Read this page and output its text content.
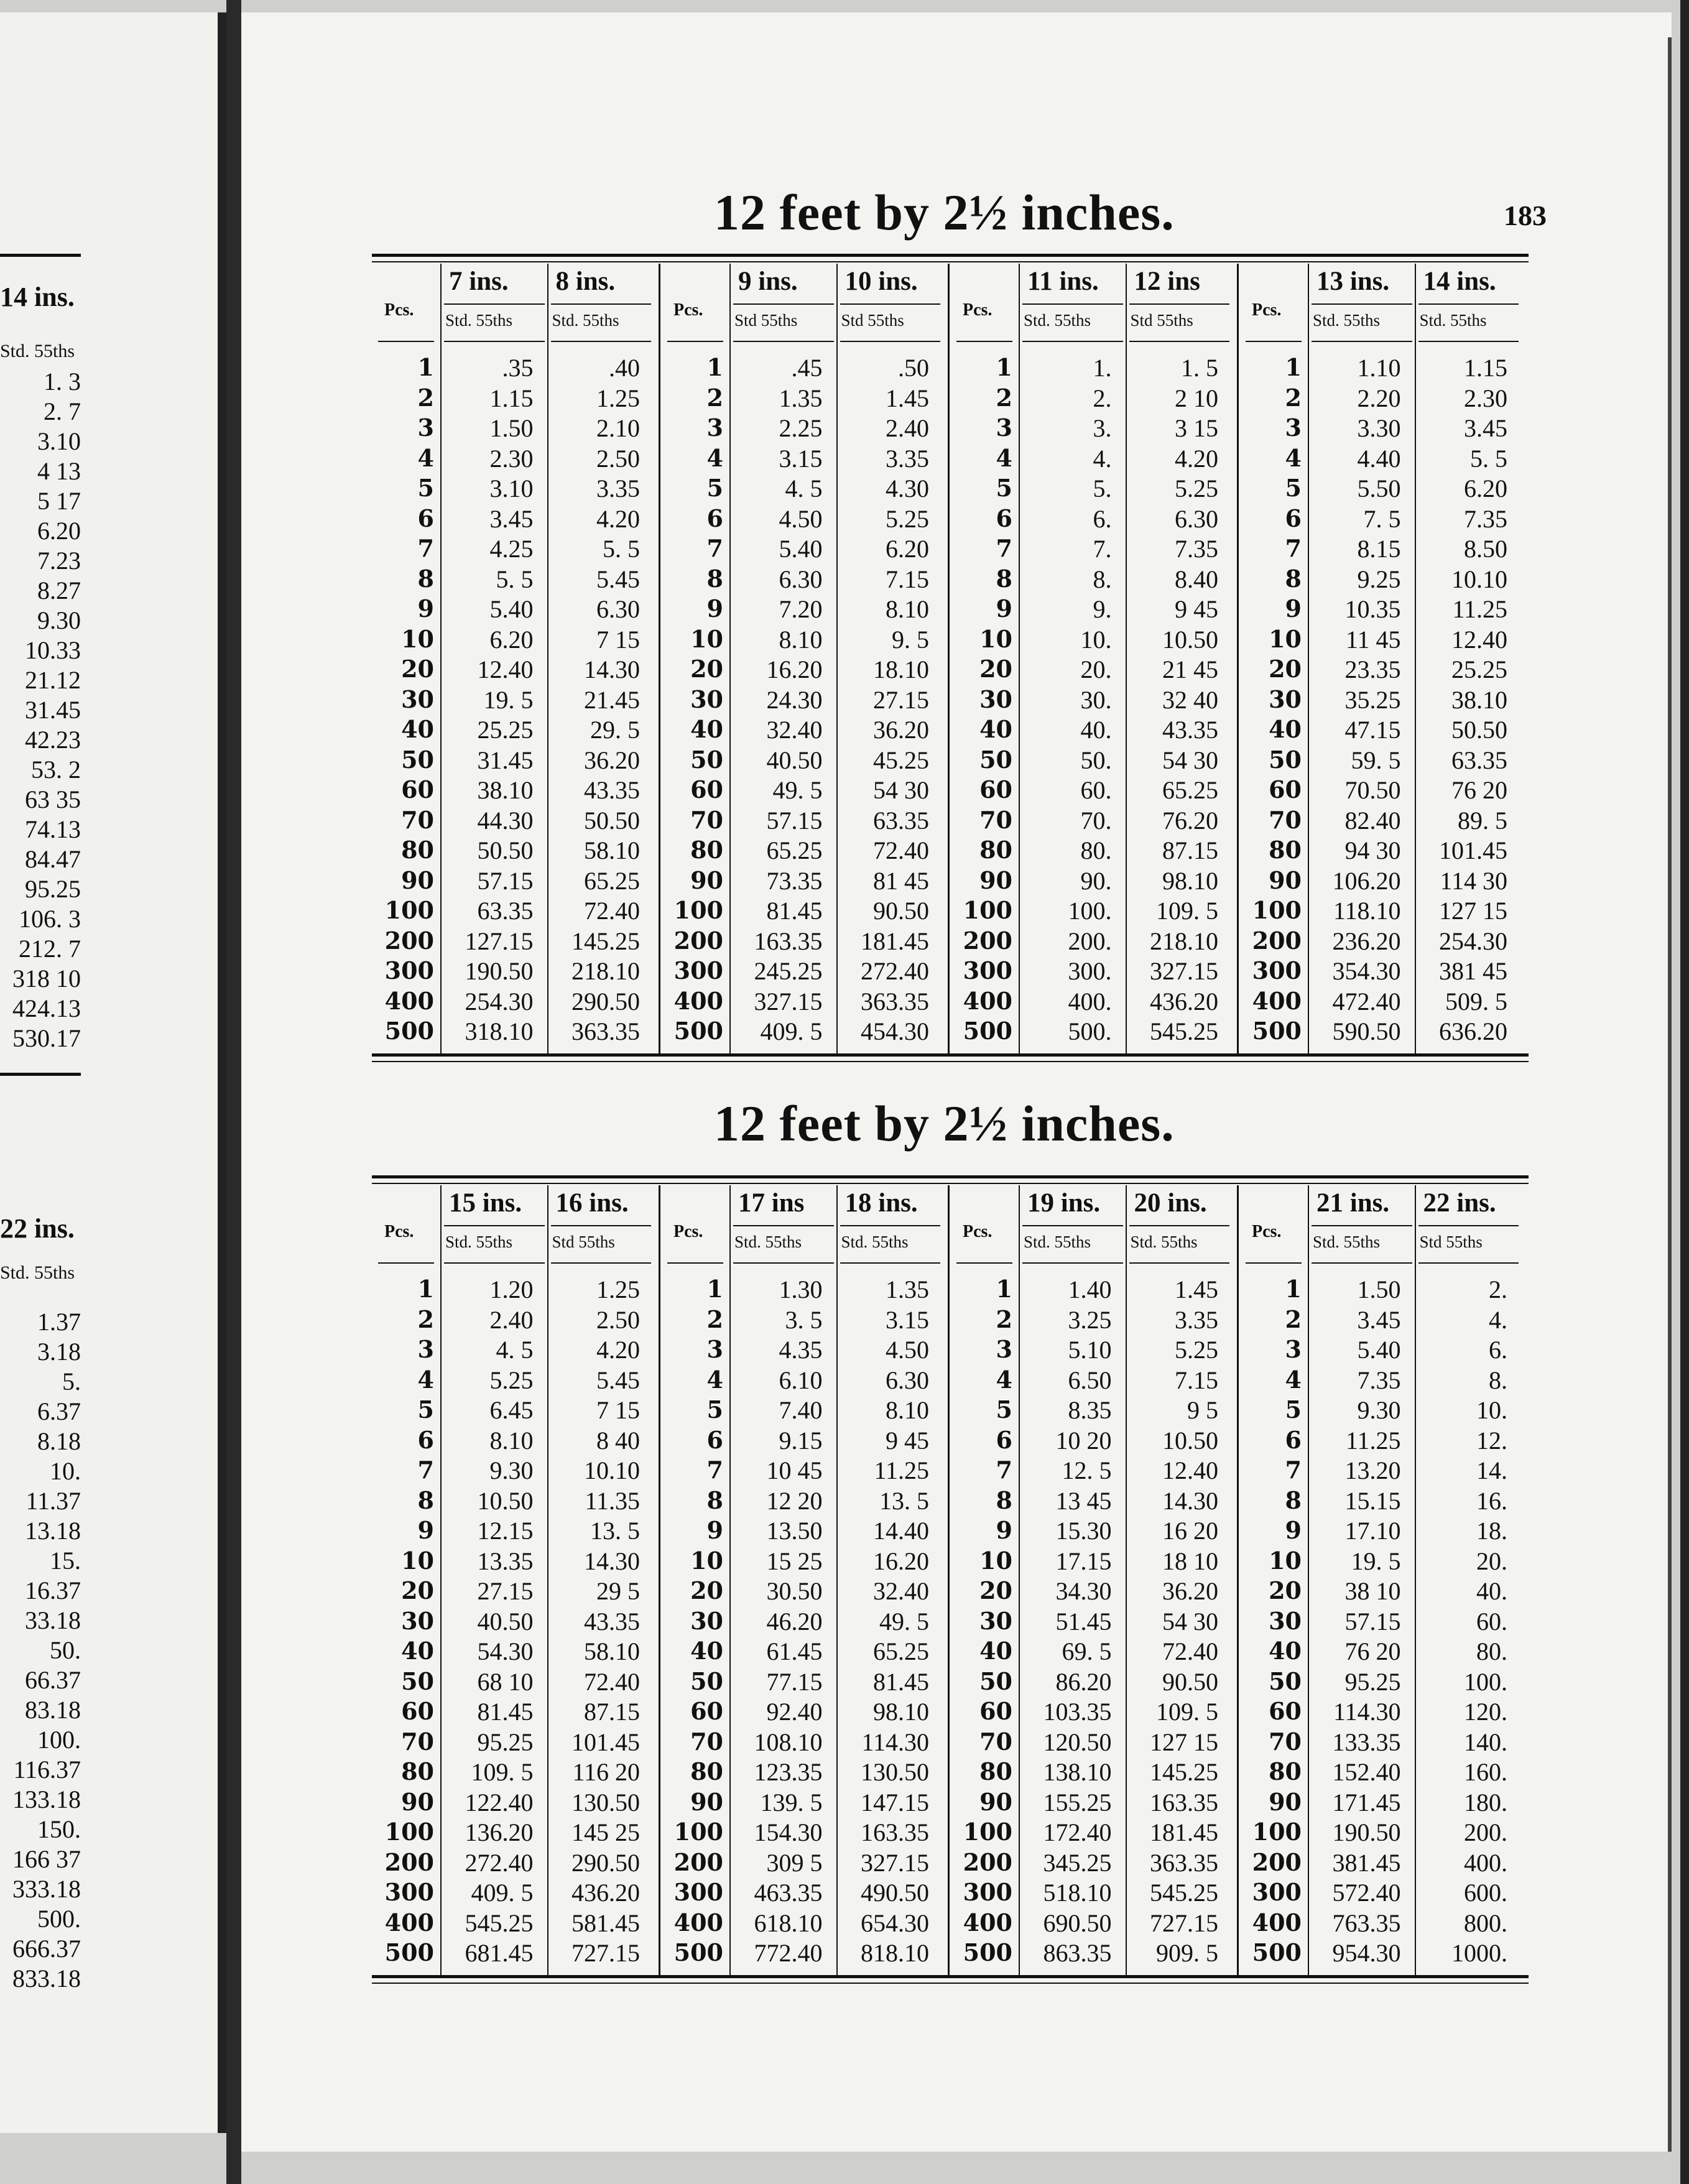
14 ins.
Std. 55ths
1. 3
2. 7
3.10
4 13
5 17
6.20
7.23
8.27
9.30
10.33
21.12
31.45
42.23
53. 2
63 35
74.13
84.47
95.25
106. 3
212. 7
318 10
424.13
530.17
22 ins.
Std. 55ths
1.37
3.18
5.
6.37
8.18
10.
11.37
13.18
15.
16.37
33.18
50.
66.37
83.18
100.
116.37
133.18
150.
166 37
333.18
500.
666.37
833.18
12 feet by 2½ inches.	183
Pcs.
1
2
3
4
5
6
7
8
9
10
20
30
40
50
60
70
80
90
100
200
300
400
500
7 ins.
Std. 55ths
.35
1.15
1.50
2.30
3.10
3.45
4.25
5. 5
5.40
6.20
12.40
19. 5
25.25
31.45
38.10
44.30
50.50
57.15
63.35
127.15
190.50
254.30
318.10
8 ins.
Std. 55ths
.40
1.25
2.10
2.50
3.35
4.20
5. 5
5.45
6.30
7 15
14.30
21.45
29. 5
36.20
43.35
50.50
58.10
65.25
72.40
145.25
218.10
290.50
363.35
Pcs.
1
2
3
4
5
6
7
8
9
10
20
30
40
50
60
70
80
90
100
200
300
400
500
9 ins.
Std 55ths
.45
1.35
2.25
3.15
4. 5
4.50
5.40
6.30
7.20
8.10
16.20
24.30
32.40
40.50
49. 5
57.15
65.25
73.35
81.45
163.35
245.25
327.15
409. 5
10 ins.
Std 55ths
.50
1.45
2.40
3.35
4.30
5.25
6.20
7.15
8.10
9. 5
18.10
27.15
36.20
45.25
54 30
63.35
72.40
81 45
90.50
181.45
272.40
363.35
454.30
Pcs.
1
2
3
4
5
6
7
8
9
10
20
30
40
50
60
70
80
90
100
200
300
400
500
11 ins.
Std. 55ths
1.
2.
3.
4.
5.
6.
7.
8.
9.
10.
20.
30.
40.
50.
60.
70.
80.
90.
100.
200.
300.
400.
500.
12 ins
Std 55ths
1. 5
2 10
3 15
4.20
5.25
6.30
7.35
8.40
9 45
10.50
21 45
32 40
43.35
54 30
65.25
76.20
87.15
98.10
109. 5
218.10
327.15
436.20
545.25
Pcs.
1
2
3
4
5
6
7
8
9
10
20
30
40
50
60
70
80
90
100
200
300
400
500
13 ins.
Std. 55ths
1.10
2.20
3.30
4.40
5.50
7. 5
8.15
9.25
10.35
11 45
23.35
35.25
47.15
59. 5
70.50
82.40
94 30
106.20
118.10
236.20
354.30
472.40
590.50
14 ins.
Std. 55ths
1.15
2.30
3.45
5. 5
6.20
7.35
8.50
10.10
11.25
12.40
25.25
38.10
50.50
63.35
76 20
89. 5
101.45
114 30
127 15
254.30
381 45
509. 5
636.20
12 feet by 2½ inches.
Pcs.
1
2
3
4
5
6
7
8
9
10
20
30
40
50
60
70
80
90
100
200
300
400
500
15 ins.
Std. 55ths
1.20
2.40
4. 5
5.25
6.45
8.10
9.30
10.50
12.15
13.35
27.15
40.50
54.30
68 10
81.45
95.25
109. 5
122.40
136.20
272.40
409. 5
545.25
681.45
16 ins.
Std 55ths
1.25
2.50
4.20
5.45
7 15
8 40
10.10
11.35
13. 5
14.30
29 5
43.35
58.10
72.40
87.15
101.45
116 20
130.50
145 25
290.50
436.20
581.45
727.15
Pcs.
1
2
3
4
5
6
7
8
9
10
20
30
40
50
60
70
80
90
100
200
300
400
500
17 ins
Std. 55ths
1.30
3. 5
4.35
6.10
7.40
9.15
10 45
12 20
13.50
15 25
30.50
46.20
61.45
77.15
92.40
108.10
123.35
139. 5
154.30
309 5
463.35
618.10
772.40
18 ins.
Std. 55ths
1.35
3.15
4.50
6.30
8.10
9 45
11.25
13. 5
14.40
16.20
32.40
49. 5
65.25
81.45
98.10
114.30
130.50
147.15
163.35
327.15
490.50
654.30
818.10
Pcs.
1
2
3
4
5
6
7
8
9
10
20
30
40
50
60
70
80
90
100
200
300
400
500
19 ins.
Std. 55ths
1.40
3.25
5.10
6.50
8.35
10 20
12. 5
13 45
15.30
17.15
34.30
51.45
69. 5
86.20
103.35
120.50
138.10
155.25
172.40
345.25
518.10
690.50
863.35
20 ins.
Std. 55ths
1.45
3.35
5.25
7.15
9 5
10.50
12.40
14.30
16 20
18 10
36.20
54 30
72.40
90.50
109. 5
127 15
145.25
163.35
181.45
363.35
545.25
727.15
909. 5
Pcs.
1
2
3
4
5
6
7
8
9
10
20
30
40
50
60
70
80
90
100
200
300
400
500
21 ins.
Std. 55ths
1.50
3.45
5.40
7.35
9.30
11.25
13.20
15.15
17.10
19. 5
38 10
57.15
76 20
95.25
114.30
133.35
152.40
171.45
190.50
381.45
572.40
763.35
954.30
22 ins.
Std 55ths
2.
4.
6.
8.
10.
12.
14.
16.
18.
20.
40.
60.
80.
100.
120.
140.
160.
180.
200.
400.
600.
800.
1000.
